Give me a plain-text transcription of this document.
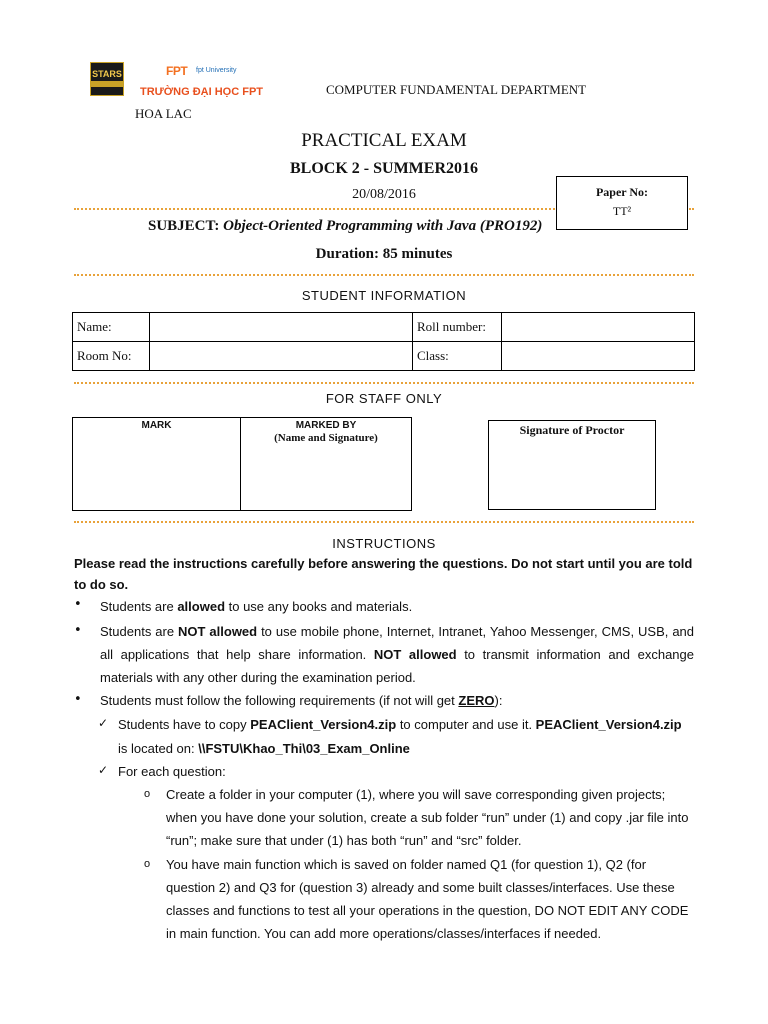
STARS	FPT fpt University
TRƯỜNG ĐẠI HỌC FPT	COMPUTER FUNDAMENTAL DEPARTMENT
HOA LAC
PRACTICAL EXAM
BLOCK 2 - SUMMER2016
20/08/2016
SUBJECT: Object-Oriented Programming with Java (PRO192)
Paper No:
TT²
Duration: 85 minutes
STUDENT INFORMATION
Name:		Roll number:	
Room No:		Class:	
FOR STAFF ONLY
MARK	MARKED BY
(Name and Signature)
Signature of Proctor
INSTRUCTIONS
Please read the instructions carefully before answering the questions. Do not start until you are told to do so.
• Students are allowed to use any books and materials.
• Students are NOT allowed to use mobile phone, Internet, Intranet, Yahoo Messenger, CMS, USB, and all applications that help share information. NOT allowed to transmit information and exchange materials with any other during the examination period.
• Students must follow the following requirements (if not will get ZERO):
✓ Students have to copy PEAClient_Version4.zip to computer and use it. PEAClient_Version4.zip
is located on: \\FSTU\Khao_Thi\03_Exam_Online
✓ For each question:
o Create a folder in your computer (1), where you will save corresponding given projects; when you have done your solution, create a sub folder “run” under (1) and copy .jar file into “run”; make sure that under (1) has both “run” and “src” folder.
o You have main function which is saved on folder named Q1 (for question 1), Q2 (for question 2) and Q3 for (question 3) already and some built classes/interfaces. Use these classes and functions to test all your operations in the question, DO NOT EDIT ANY CODE in main function. You can add more operations/classes/interfaces if needed.
